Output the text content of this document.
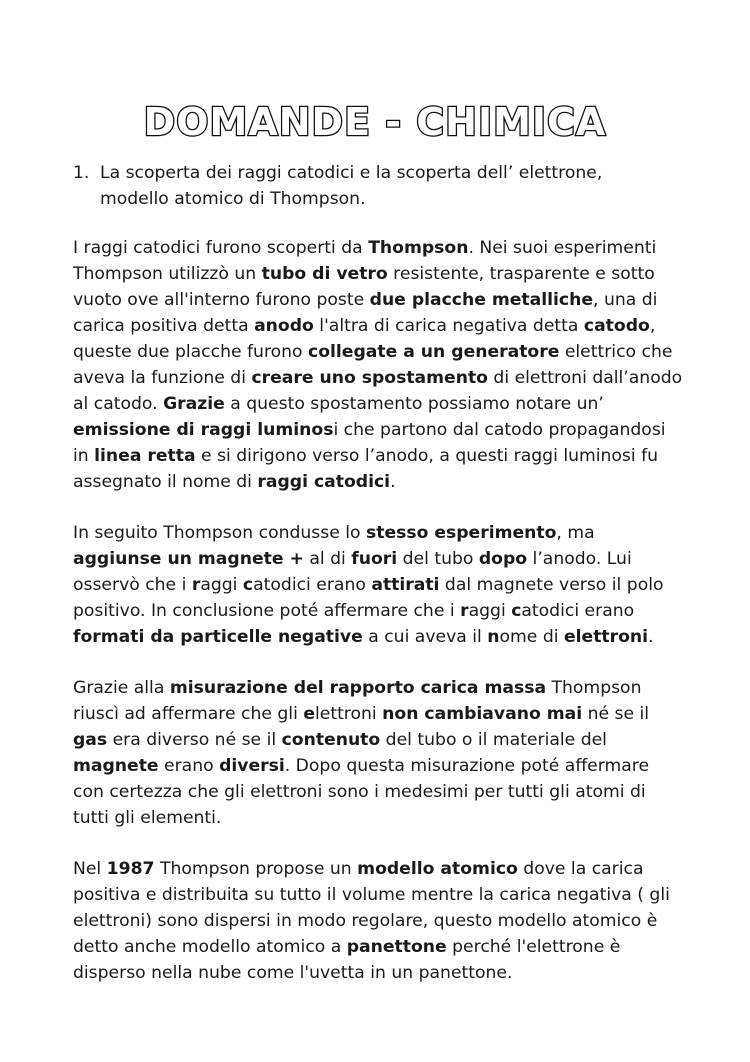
DOMANDE - CHIMICA
1. La scoperta dei raggi catodici e la scoperta dell’ elettrone, modello atomico di Thompson.

I raggi catodici furono scoperti da Thompson. Nei suoi esperimenti Thompson utilizzò un tubo di vetro resistente, trasparente e sotto vuoto ove all'interno furono poste due placche metalliche, una di carica positiva detta anodo l'altra di carica negativa detta catodo, queste due placche furono collegate a un generatore elettrico che aveva la funzione di creare uno spostamento di elettroni dall’anodo al catodo. Grazie a questo spostamento possiamo notare un’ emissione di raggi luminosi che partono dal catodo propagandosi in linea retta e si dirigono verso l’anodo, a questi raggi luminosi fu assegnato il nome di raggi catodici.

In seguito Thompson condusse lo stesso esperimento, ma aggiunse un magnete + al di fuori del tubo dopo l’anodo. Lui osservò che i raggi catodici erano attirati dal magnete verso il polo positivo. In conclusione poté affermare che i raggi catodici erano formati da particelle negative a cui aveva il nome di elettroni.

Grazie alla misurazione del rapporto carica massa Thompson riuscì ad affermare che gli elettroni non cambiavano mai né se il gas era diverso né se il contenuto del tubo o il materiale del magnete erano diversi. Dopo questa misurazione poté affermare con certezza che gli elettroni sono i medesimi per tutti gli atomi di tutti gli elementi.

Nel 1987 Thompson propose un modello atomico dove la carica positiva e distribuita su tutto il volume mentre la carica negativa ( gli elettroni) sono dispersi in modo regolare, questo modello atomico è detto anche modello atomico a panettone perché l'elettrone è disperso nella nube come l'uvetta in un panettone.
